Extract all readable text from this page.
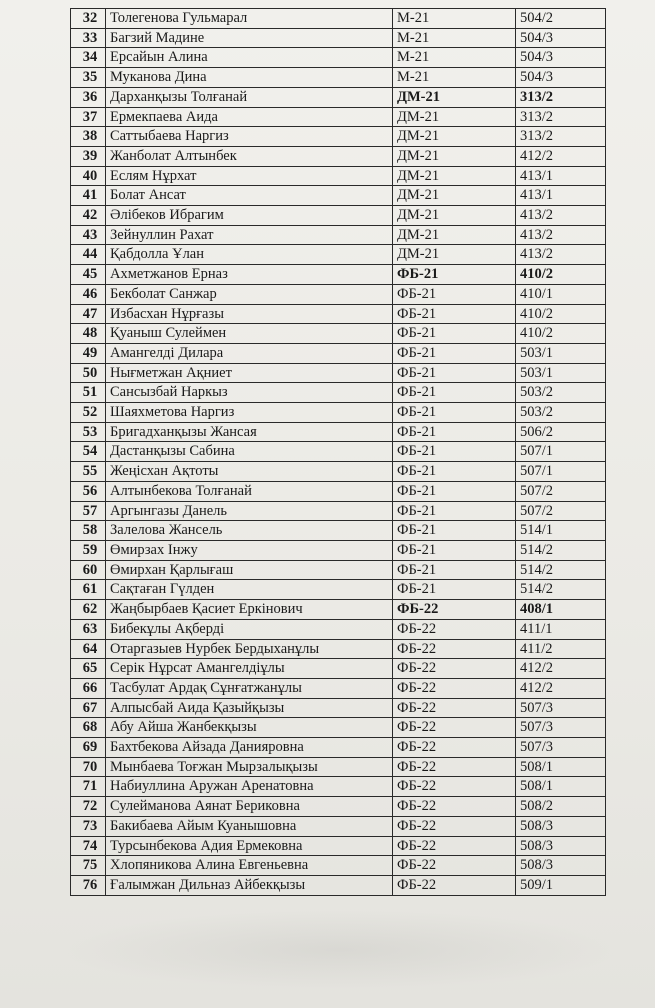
32	Толегенова Гульмарал	М-21	504/2
33	Багзий Мадине	М-21	504/3
34	Ерсайын Алина	М-21	504/3
35	Муканова Дина	М-21	504/3
36	Дарханқызы Толғанай	ДМ-21	313/2
37	Ермекпаева Аида	ДМ-21	313/2
38	Саттыбаева Наргиз	ДМ-21	313/2
39	Жанболат Алтынбек	ДМ-21	412/2
40	Еслям Нұрхат	ДМ-21	413/1
41	Болат Ансат	ДМ-21	413/1
42	Әлібеков Ибрагим	ДМ-21	413/2
43	Зейнуллин Рахат	ДМ-21	413/2
44	Қабдолла Ұлан	ДМ-21	413/2
45	Ахметжанов Ерназ	ФБ-21	410/2
46	Бекболат Санжар	ФБ-21	410/1
47	Избасхан Нұрғазы	ФБ-21	410/2
48	Қуаныш Сулеймен	ФБ-21	410/2
49	Амангелді Дилара	ФБ-21	503/1
50	Нығметжан Ақниет	ФБ-21	503/1
51	Сансызбай Наркыз	ФБ-21	503/2
52	Шаяхметова Наргиз	ФБ-21	503/2
53	Бригадханқызы Жансая	ФБ-21	506/2
54	Дастанқызы Сабина	ФБ-21	507/1
55	Жеңісхан Ақтоты	ФБ-21	507/1
56	Алтынбекова Толғанай	ФБ-21	507/2
57	Аргынгазы Данель	ФБ-21	507/2
58	Залелова Жансель	ФБ-21	514/1
59	Өмирзах Інжу	ФБ-21	514/2
60	Өмирхан Қарлығаш	ФБ-21	514/2
61	Сақтаған Гүлден	ФБ-21	514/2
62	Жаңбырбаев Қасиет Еркінович	ФБ-22	408/1
63	Бибекұлы Ақберді	ФБ-22	411/1
64	Отаргазыев Нурбек Бердыханұлы	ФБ-22	411/2
65	Серік Нұрсат Амангелдіұлы	ФБ-22	412/2
66	Тасбулат Ардақ Сұнғатжанұлы	ФБ-22	412/2
67	Алпысбай Аида Қазыйқызы	ФБ-22	507/3
68	Абу Айша Жанбекқызы	ФБ-22	507/3
69	Бахтбекова Айзада Данияровна	ФБ-22	507/3
70	Мынбаева Тоғжан Мырзалықызы	ФБ-22	508/1
71	Набиуллина Аружан Аренатовна	ФБ-22	508/1
72	Сулейманова Аянат Бериковна	ФБ-22	508/2
73	Бакибаева Айым Куанышовна	ФБ-22	508/3
74	Турсынбекова Адия Ермековна	ФБ-22	508/3
75	Хлопяникова Алина Евгеньевна	ФБ-22	508/3
76	Ғалымжан Дильназ Айбекқызы	ФБ-22	509/1
